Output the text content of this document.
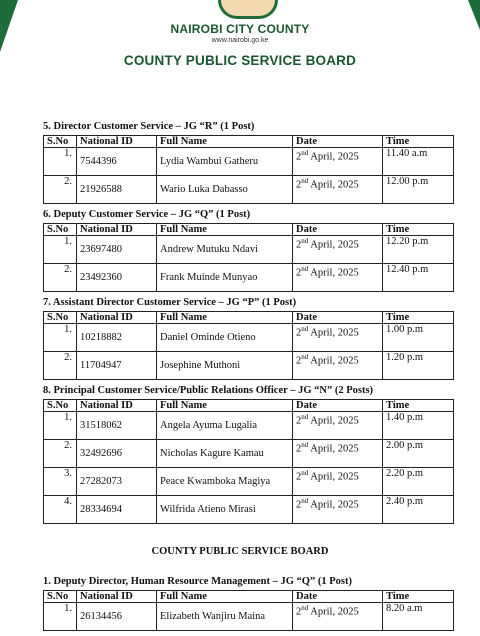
NAIROBI CITY COUNTY
www.nairobi.go.ke
COUNTY PUBLIC SERVICE BOARD
5. Director Customer Service – JG “R” (1 Post)
S.No	National ID	Full Name	Date	Time
1.	7544396	Lydia Wambui Gatheru	2nd April, 2025	11.40 a.m
2.	21926588	Wario Luka Dabasso	2nd April, 2025	12.00 p.m
6. Deputy Customer Service – JG “Q” (1 Post)
S.No	National ID	Full Name	Date	Time
1.	23697480	Andrew Mutuku Ndavi	2nd April, 2025	12.20 p.m
2.	23492360	Frank Muinde Munyao	2nd April, 2025	12.40 p.m
7. Assistant Director Customer Service – JG “P” (1 Post)
S.No	National ID	Full Name	Date	Time
1.	10218882	Daniel Ominde Otieno	2nd April, 2025	1.00 p.m
2.	11704947	Josephine Muthoni	2nd April, 2025	1.20 p.m
8. Principal Customer Service/Public Relations Officer – JG “N” (2 Posts)
S.No	National ID	Full Name	Date	Time
1.	31518062	Angela Ayuma Lugalia	2nd April, 2025	1.40 p.m
2.	32492696	Nicholas Kagure Kamau	2nd April, 2025	2.00 p.m
3.	27282073	Peace Kwamboka Magiya	2nd April, 2025	2.20 p.m
4.	28334694	Wilfrida Atieno Mirasi	2nd April, 2025	2.40 p.m
COUNTY PUBLIC SERVICE BOARD
1. Deputy Director, Human Resource Management – JG “Q” (1 Post)
S.No	National ID	Full Name	Date	Time
1.	26134456	Elizabeth Wanjiru Maina	2nd April, 2025	8.20 a.m
